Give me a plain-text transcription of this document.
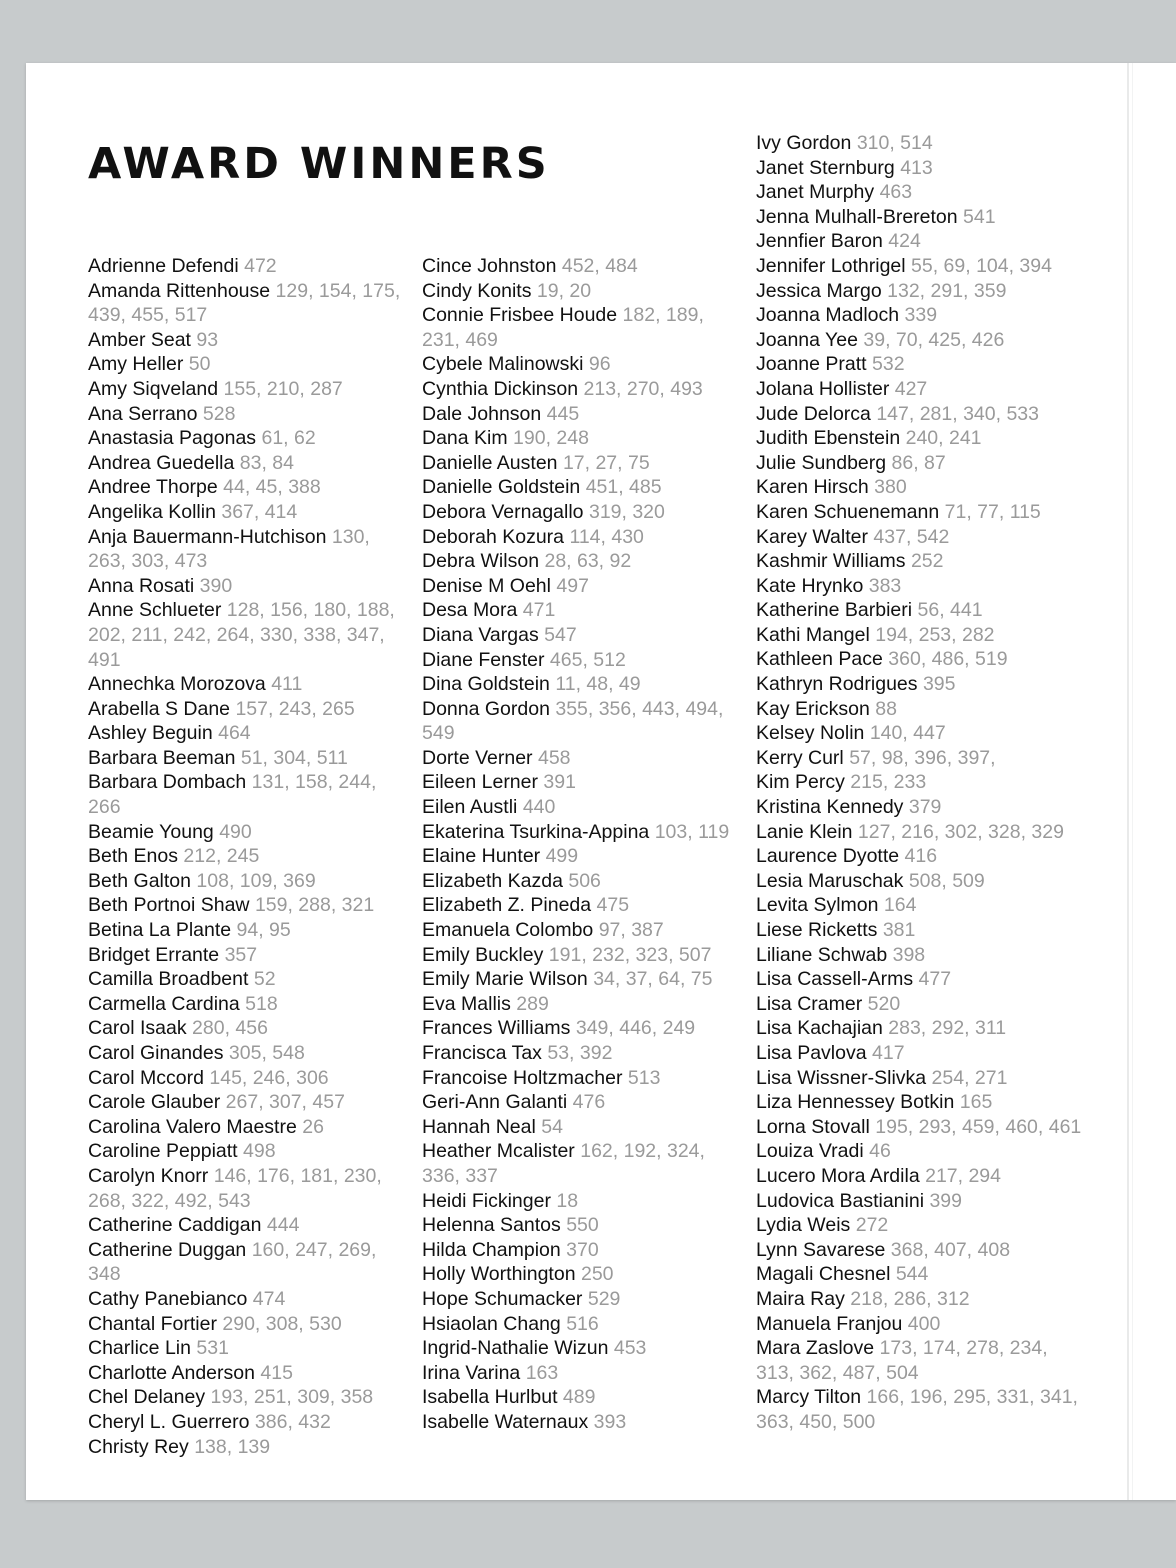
AWARD WINNERS
Adrienne Defendi 472
Amanda Rittenhouse 129, 154, 175, 439, 455, 517
Amber Seat 93
Amy Heller 50
Amy Siqveland 155, 210, 287
Ana Serrano 528
Anastasia Pagonas 61, 62
Andrea Guedella 83, 84
Andree Thorpe 44, 45, 388
Angelika Kollin 367, 414
Anja Bauermann-Hutchison 130, 263, 303, 473
Anna Rosati 390
Anne Schlueter 128, 156, 180, 188, 202, 211, 242, 264, 330, 338, 347, 491
Annechka Morozova 411
Arabella S Dane 157, 243, 265
Ashley Beguin 464
Barbara Beeman 51, 304, 511
Barbara Dombach 131, 158, 244, 266
Beamie Young 490
Beth Enos 212, 245
Beth Galton 108, 109, 369
Beth Portnoi Shaw 159, 288, 321
Betina La Plante 94, 95
Bridget Errante 357
Camilla Broadbent 52
Carmella Cardina 518
Carol Isaak 280, 456
Carol Ginandes 305, 548
Carol Mccord 145, 246, 306
Carole Glauber 267, 307, 457
Carolina Valero Maestre 26
Caroline Peppiatt 498
Carolyn Knorr 146, 176, 181, 230, 268, 322, 492, 543
Catherine Caddigan 444
Catherine Duggan 160, 247, 269, 348
Cathy Panebianco 474
Chantal Fortier 290, 308, 530
Charlice Lin 531
Charlotte Anderson 415
Chel Delaney 193, 251, 309, 358
Cheryl L. Guerrero 386, 432
Christy Rey 138, 139
Cince Johnston 452, 484
Cindy Konits 19, 20
Connie Frisbee Houde 182, 189, 231, 469
Cybele Malinowski 96
Cynthia Dickinson 213, 270, 493
Dale Johnson 445
Dana Kim 190, 248
Danielle Austen 17, 27, 75
Danielle Goldstein 451, 485
Debora Vernagallo 319, 320
Deborah Kozura 114, 430
Debra Wilson 28, 63, 92
Denise M Oehl 497
Desa Mora 471
Diana Vargas 547
Diane Fenster 465, 512
Dina Goldstein 11, 48, 49
Donna Gordon 355, 356, 443, 494, 549
Dorte Verner 458
Eileen Lerner 391
Eilen Austli 440
Ekaterina Tsurkina-Appina 103, 119
Elaine Hunter 499
Elizabeth Kazda 506
Elizabeth Z. Pineda 475
Emanuela Colombo 97, 387
Emily Buckley 191, 232, 323, 507
Emily Marie Wilson 34, 37, 64, 75
Eva Mallis 289
Frances Williams 349, 446, 249
Francisca Tax 53, 392
Francoise Holtzmacher 513
Geri-Ann Galanti 476
Hannah Neal 54
Heather Mcalister 162, 192, 324, 336, 337
Heidi Fickinger 18
Helenna Santos 550
Hilda Champion 370
Holly Worthington 250
Hope Schumacker 529
Hsiaolan Chang 516
Ingrid-Nathalie Wizun 453
Irina Varina 163
Isabella Hurlbut 489
Isabelle Waternaux 393
Ivy Gordon 310, 514
Janet Sternburg 413
Janet Murphy 463
Jenna Mulhall-Brereton 541
Jennfier Baron 424
Jennifer Lothrigel 55, 69, 104, 394
Jessica Margo 132, 291, 359
Joanna Madloch 339
Joanna Yee 39, 70, 425, 426
Joanne Pratt 532
Jolana Hollister 427
Jude Delorca 147, 281, 340, 533
Judith Ebenstein 240, 241
Julie Sundberg 86, 87
Karen Hirsch 380
Karen Schuenemann 71, 77, 115
Karey Walter 437, 542
Kashmir Williams 252
Kate Hrynko 383
Katherine Barbieri 56, 441
Kathi Mangel 194, 253, 282
Kathleen Pace 360, 486, 519
Kathryn Rodrigues 395
Kay Erickson 88
Kelsey Nolin 140, 447
Kerry Curl 57, 98, 396, 397,
Kim Percy 215, 233
Kristina Kennedy 379
Lanie Klein 127, 216, 302, 328, 329
Laurence Dyotte 416
Lesia Maruschak 508, 509
Levita Sylmon 164
Liese Ricketts 381
Liliane Schwab 398
Lisa Cassell-Arms 477
Lisa Cramer 520
Lisa Kachajian 283, 292, 311
Lisa Pavlova 417
Lisa Wissner-Slivka 254, 271
Liza Hennessey Botkin 165
Lorna Stovall 195, 293, 459, 460, 461
Louiza Vradi 46
Lucero Mora Ardila 217, 294
Ludovica Bastianini 399
Lydia Weis 272
Lynn Savarese 368, 407, 408
Magali Chesnel 544
Maira Ray 218, 286, 312
Manuela Franjou 400
Mara Zaslove 173, 174, 278, 234, 313, 362, 487, 504
Marcy Tilton 166, 196, 295, 331, 341, 363, 450, 500
